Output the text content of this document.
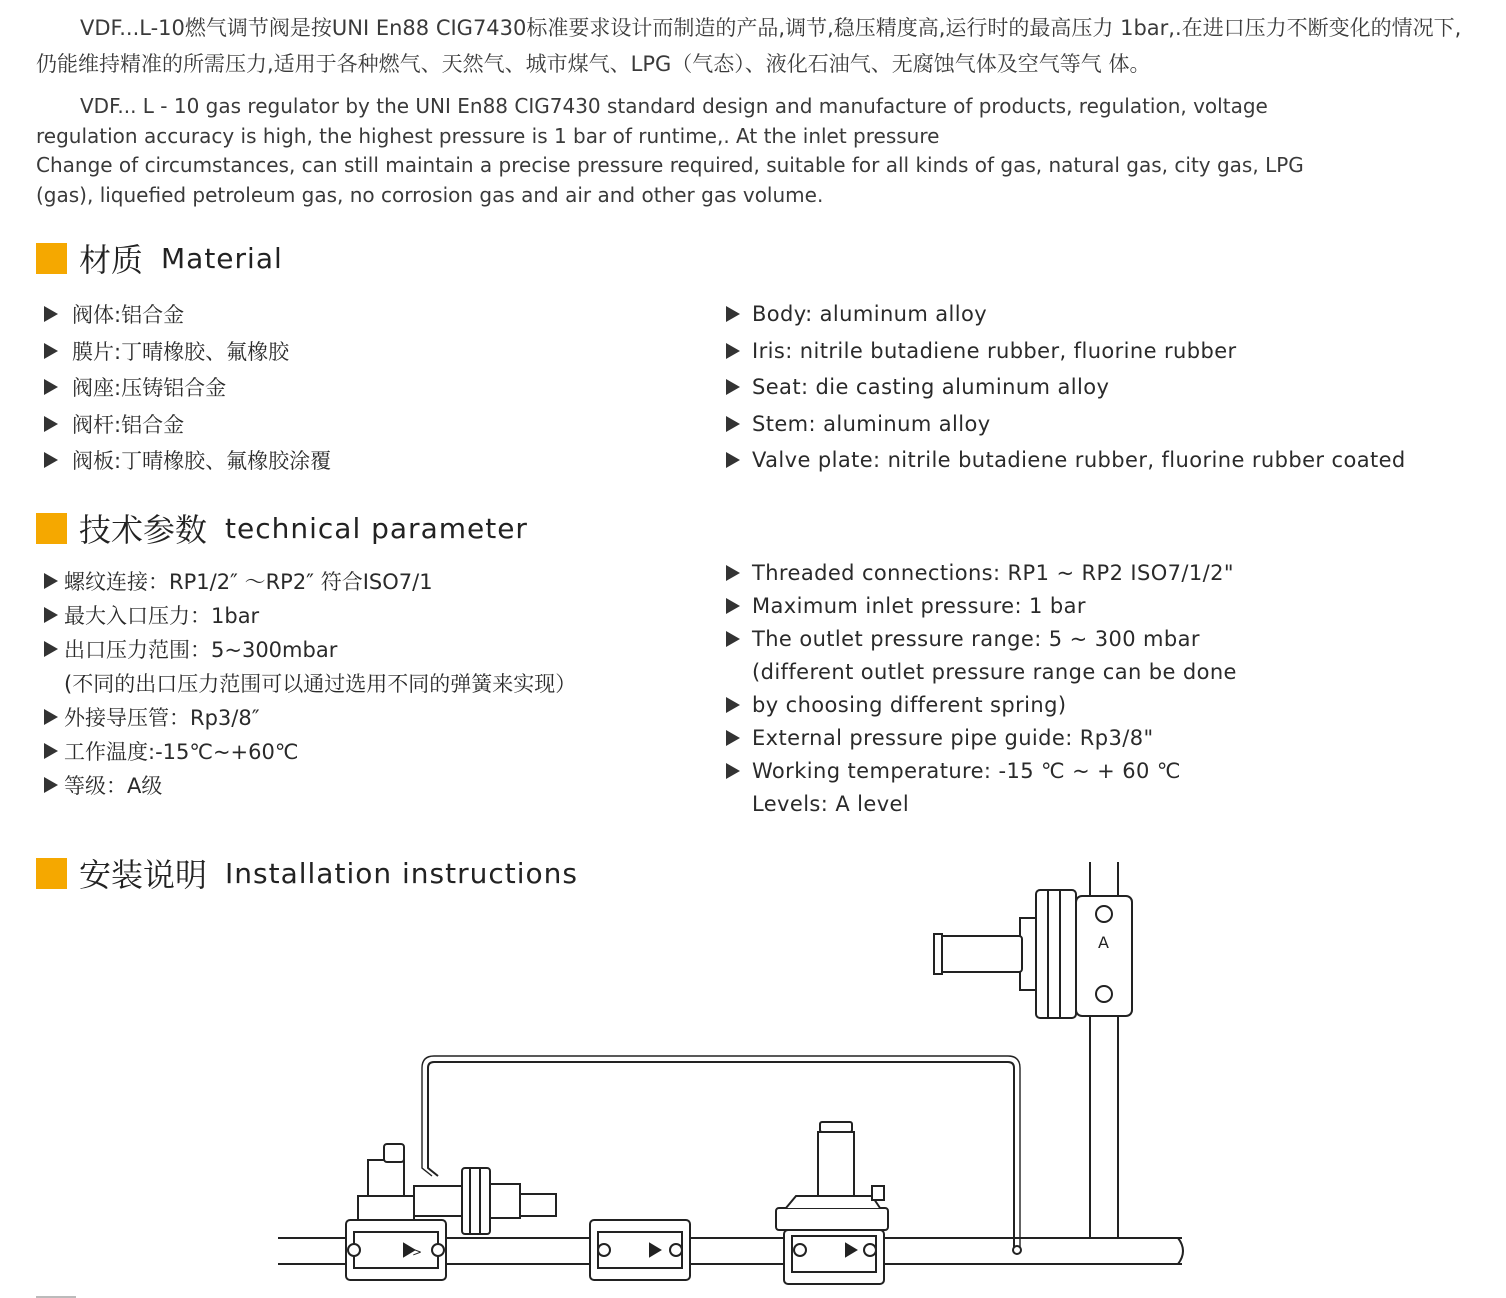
VDF...L-10燃气调节阀是按UNI En88 CIG7430标准要求设计而制造的产品,调节,稳压精度高,运行时的最高压力 1bar,.在进口压力不断变化的情况下,仍能维持精准的所需压力,适用于各种燃气、天然气、城市煤气、LPG（气态）、液化石油气、无腐蚀气体及空气等气 体。

VDF... L - 10 gas regulator by the UNI En88 CIG7430 standard design and manufacture of products, regulation, voltage
regulation accuracy is high, the highest pressure is 1 bar of runtime,. At the inlet pressure
Change of circumstances, can still maintain a precise pressure required, suitable for all kinds of gas, natural gas, city gas, LPG
(gas), liquefied petroleum gas, no corrosion gas and air and other gas volume.

材质 Material
阀体:铝合金
膜片:丁晴橡胶、氟橡胶
阀座:压铸铝合金
阀杆:铝合金
阀板:丁晴橡胶、氟橡胶涂覆
Body: aluminum alloy
Iris: nitrile butadiene rubber, fluorine rubber
Seat: die casting aluminum alloy
Stem: aluminum alloy
Valve plate: nitrile butadiene rubber, fluorine rubber coated
技术参数 technical parameter
螺纹连接：RP1/2″ ～RP2″ 符合ISO7/1
最大入口压力：1bar
出口压力范围：5~300mbar
(不同的出口压力范围可以通过选用不同的弹簧来实现）
外接导压管：Rp3/8″
工作温度:-15℃~+60℃
等级：A级
Threaded connections: RP1 ~ RP2 ISO7/1/2"
Maximum inlet pressure: 1 bar
The outlet pressure range: 5 ~ 300 mbar
(different outlet pressure range can be done
by choosing different spring)
External pressure pipe guide: Rp3/8"
Working temperature: -15 ℃ ~ + 60 ℃
Levels: A level
安装说明 Installation instructions
>
A
